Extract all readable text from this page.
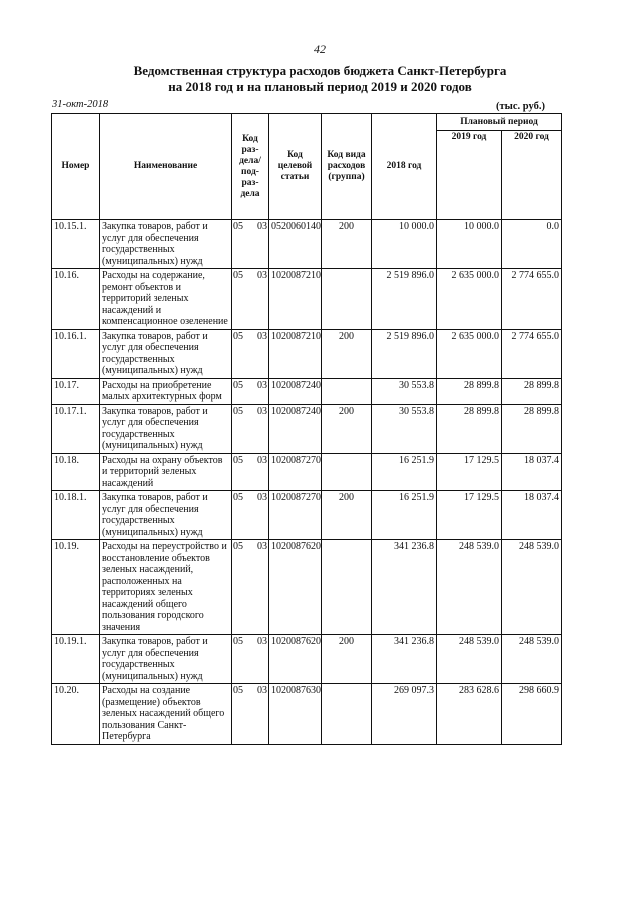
42
Ведомственная структура расходов бюджета Санкт-Петербурга
на 2018 год и на плановый период 2019 и 2020 годов
31-окт-2018	(тыс. руб.)
Номер	Наименование	Код раз-дела/ под-раз-дела	Код целевой статьи	Код вида расходов (группа)	2018 год	Плановый период	
						2019 год	2020 год
10.15.1.	Закупка товаров, работ и услуг для обеспечения государственных (муниципальных) нужд	05 03	0520060140	200	10 000.0	10 000.0	0.0
10.16.	Расходы на содержание, ремонт объектов и территорий зеленых насаждений и компенсационное озеленение	05 03	1020087210		2 519 896.0	2 635 000.0	2 774 655.0
10.16.1.	Закупка товаров, работ и услуг для обеспечения государственных (муниципальных) нужд	05 03	1020087210	200	2 519 896.0	2 635 000.0	2 774 655.0
10.17.	Расходы на приобретение малых архитектурных форм	05 03	1020087240		30 553.8	28 899.8	28 899.8
10.17.1.	Закупка товаров, работ и услуг для обеспечения государственных (муниципальных) нужд	05 03	1020087240	200	30 553.8	28 899.8	28 899.8
10.18.	Расходы на охрану объектов и территорий зеленых насаждений	05 03	1020087270		16 251.9	17 129.5	18 037.4
10.18.1.	Закупка товаров, работ и услуг для обеспечения государственных (муниципальных) нужд	05 03	1020087270	200	16 251.9	17 129.5	18 037.4
10.19.	Расходы на переустройство и восстановление объектов зеленых насаждений, расположенных на территориях зеленых насаждений общего пользования городского значения	05 03	1020087620		341 236.8	248 539.0	248 539.0
10.19.1.	Закупка товаров, работ и услуг для обеспечения государственных (муниципальных) нужд	05 03	1020087620	200	341 236.8	248 539.0	248 539.0
10.20.	Расходы на создание (размещение) объектов зеленых насаждений общего пользования Санкт-Петербурга	05 03	1020087630		269 097.3	283 628.6	298 660.9
